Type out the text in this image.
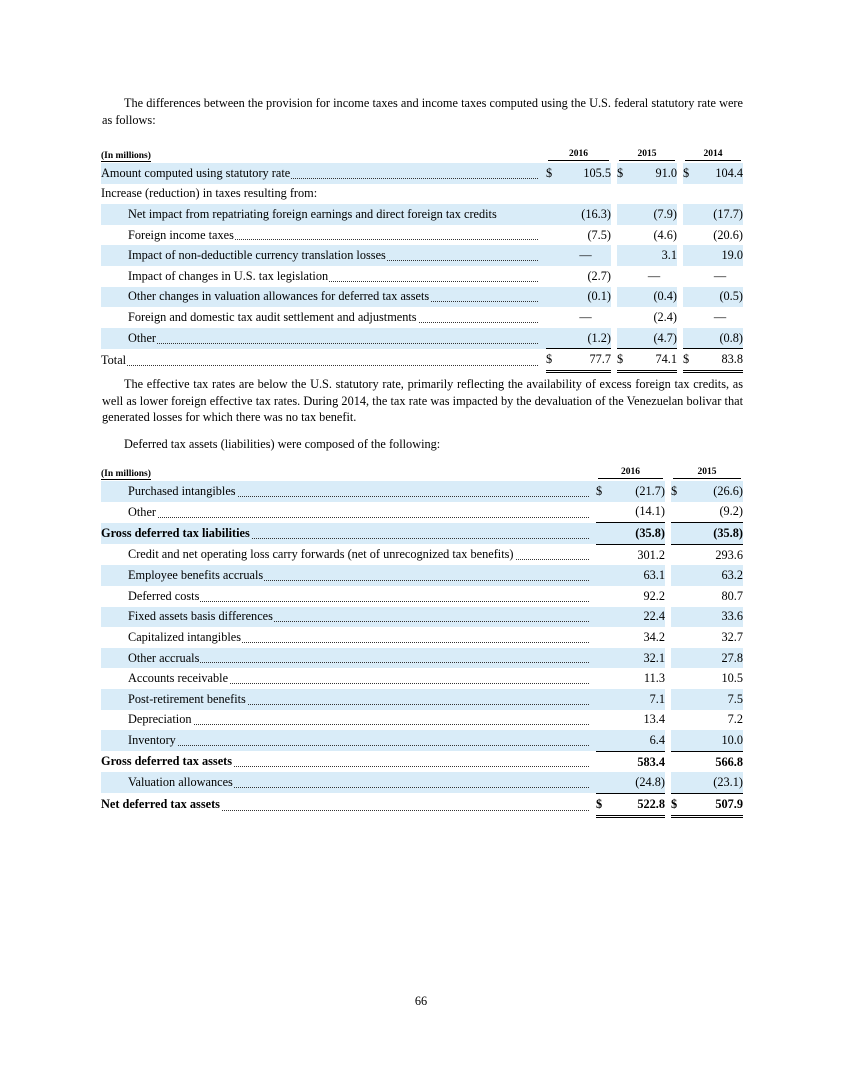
The differences between the provision for income taxes and income taxes computed using the U.S. federal statutory rate were as follows:

(In millions)		2016			2015			2014	

Amount computed using statutory rate		$	105.5		$	91.0		$	104.4
Increase (reduction) in taxes resulting from:									
Net impact from repatriating foreign earnings and direct foreign tax credits			(16.3)			(7.9)			(17.7)

Foreign income taxes			(7.5)			(4.6)			(20.6)

Impact of non-deductible currency translation losses			—			3.1			19.0

Impact of changes in U.S. tax legislation			(2.7)			—			—

Other changes in valuation allowances for deferred tax assets			(0.1)			(0.4)			(0.5)

Foreign and domestic tax audit settlement and adjustments			—			(2.4)			—

Other			(1.2)			(4.7)			(0.8)

Total		$	77.7		$	74.1		$	83.8

The effective tax rates are below the U.S. statutory rate, primarily reflecting the availability of excess foreign tax credits, as well as lower foreign effective tax rates. During 2014, the tax rate was impacted by the devaluation of the Venezuelan bolivar that generated losses for which there was no tax benefit.

Deferred tax assets (liabilities) were composed of the following:

(In millions)		2016			2015	

Purchased intangibles		$	(21.7)		$	(26.6)

Other			(14.1)			(9.2)

Gross deferred tax liabilities			(35.8)			(35.8)

Credit and net operating loss carry forwards (net of unrecognized tax benefits)			301.2			293.6

Employee benefits accruals			63.1			63.2

Deferred costs			92.2			80.7

Fixed assets basis differences			22.4			33.6

Capitalized intangibles			34.2			32.7

Other accruals			32.1			27.8

Accounts receivable			11.3			10.5

Post-retirement benefits			7.1			7.5

Depreciation			13.4			7.2

Inventory			6.4			10.0

Gross deferred tax assets			583.4			566.8

Valuation allowances			(24.8)			(23.1)

Net deferred tax assets		$	522.8		$	507.9
66
